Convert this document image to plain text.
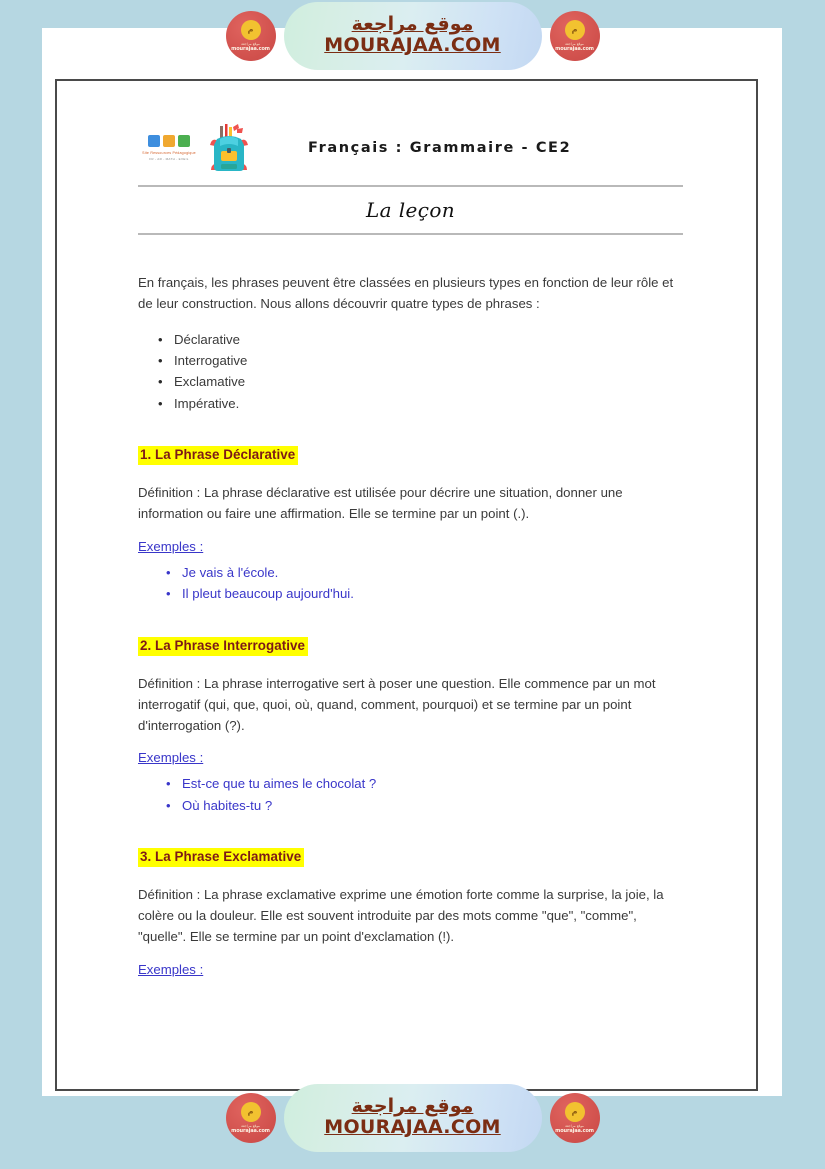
م
موقع مراجعة
mourajaa.com
موقع مراجعة
MOURAJAA.COM
م
موقع مراجعة
mourajaa.com
Site Ressources Pédagogique
FR - AR - MATH - EVEIL
Français : Grammaire - CE2
La leçon

En français, les phrases peuvent être classées en plusieurs types en fonction de leur rôle et de leur construction. Nous allons découvrir quatre types de phrases :

• Déclarative
• Interrogative
• Exclamative
• Impérative.
1. La Phrase Déclarative

Définition : La phrase déclarative est utilisée pour décrire une situation, donner une information ou faire une affirmation. Elle se termine par un point (.).

Exemples :
• Je vais à l'école.
• Il pleut beaucoup aujourd'hui.
2. La Phrase Interrogative

Définition : La phrase interrogative sert à poser une question. Elle commence par un mot interrogatif (qui, que, quoi, où, quand, comment, pourquoi) et se termine par un point d'interrogation (?).

Exemples :
• Est-ce que tu aimes le chocolat ?
• Où habites-tu ?
3. La Phrase Exclamative

Définition : La phrase exclamative exprime une émotion forte comme la surprise, la joie, la colère ou la douleur. Elle est souvent introduite par des mots comme "que", "comme", "quelle". Elle se termine par un point d'exclamation (!).

Exemples :
م
موقع مراجعة
mourajaa.com
موقع مراجعة
MOURAJAA.COM
م
موقع مراجعة
mourajaa.com
